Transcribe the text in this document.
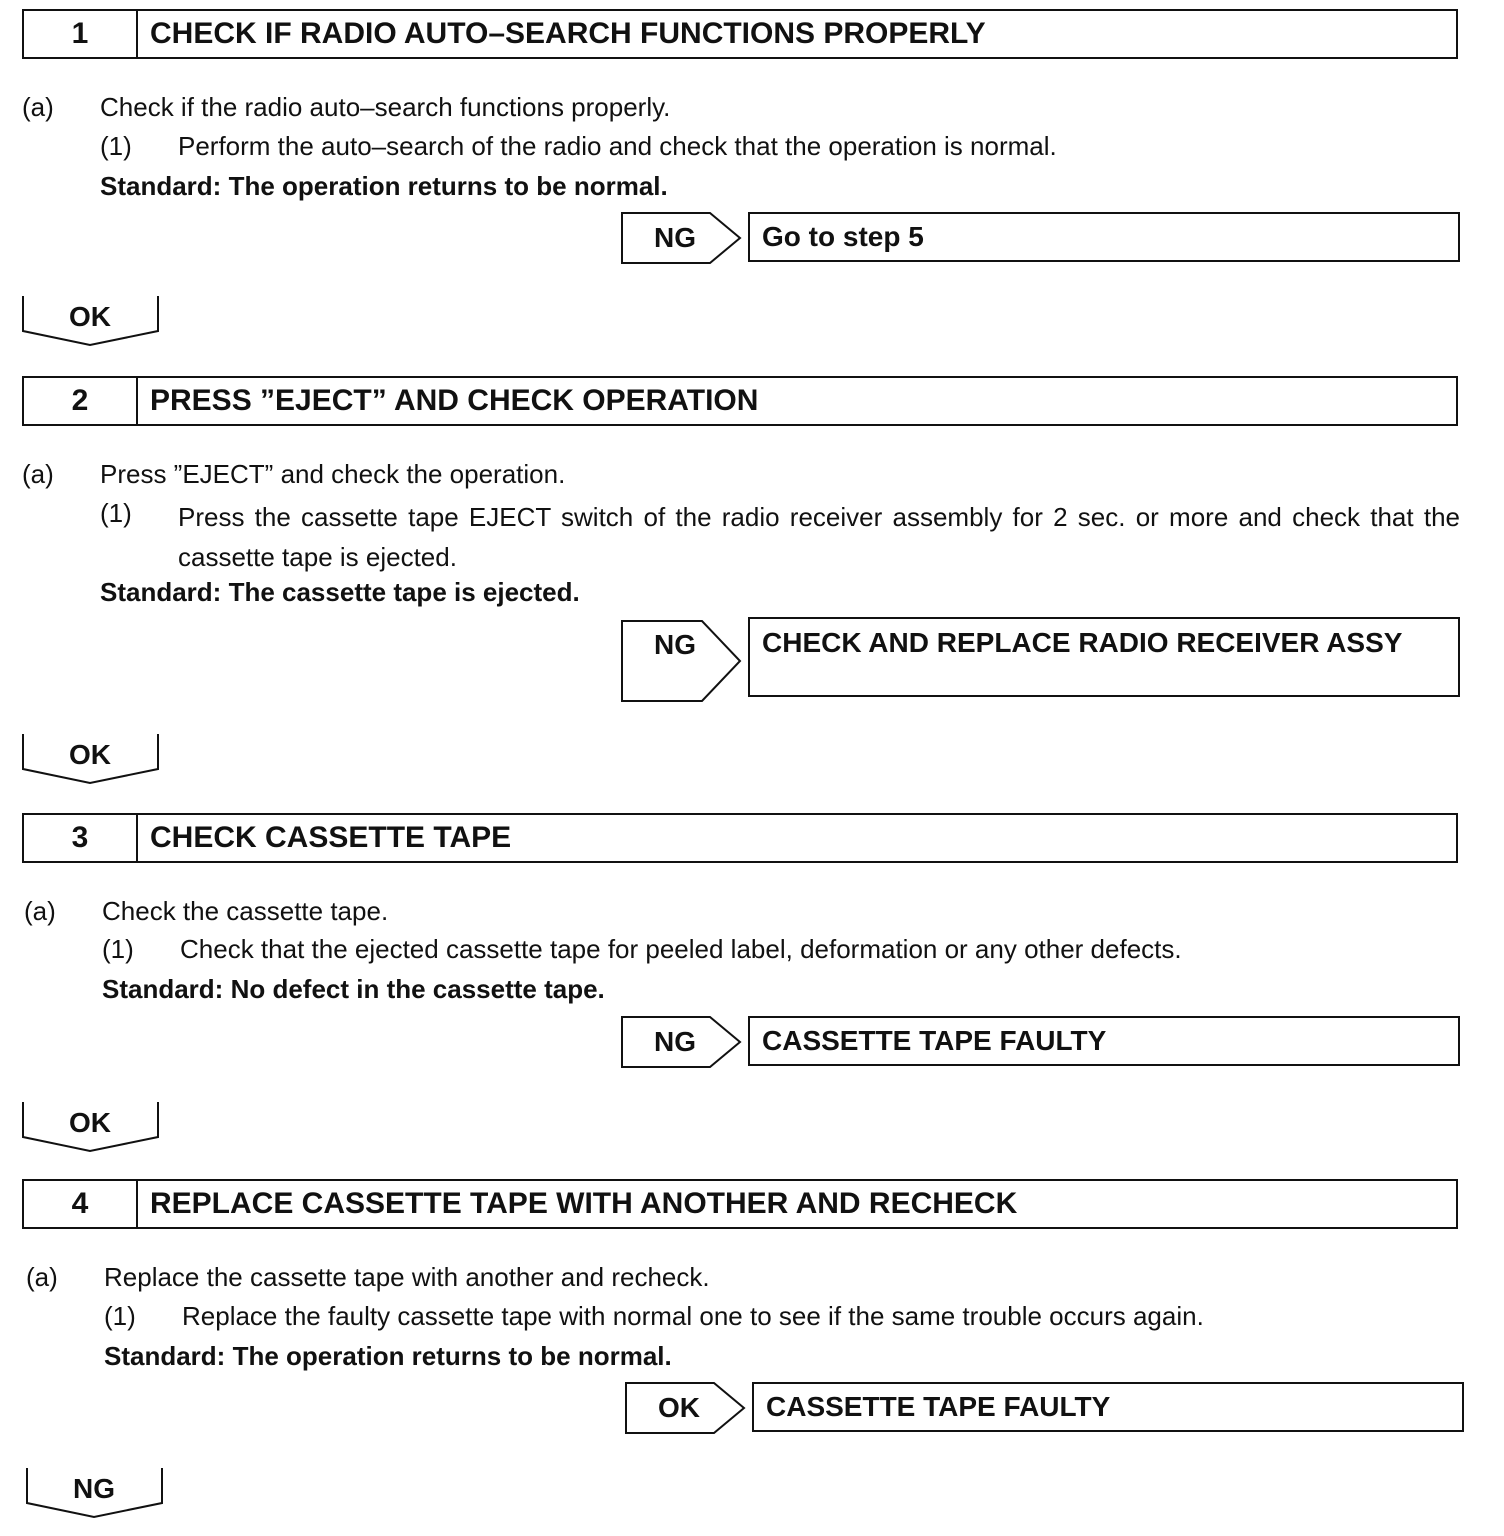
1	CHECK IF RADIO AUTO–SEARCH FUNCTIONS PROPERLY
(a) Check if the radio auto–search functions properly.
(1) Perform the auto–search of the radio and check that the operation is normal.
Standard: The operation returns to be normal.
NG	Go to step 5
OK
2	PRESS ”EJECT” AND CHECK OPERATION
(a) Press ”EJECT” and check the operation.
(1) Press the cassette tape EJECT switch of the radio receiver assembly for 2 sec. or more and check that the cassette tape is ejected.
Standard: The cassette tape is ejected.
NG	CHECK AND REPLACE RADIO RECEIVER ASSY
OK
3	CHECK CASSETTE TAPE
(a) Check the cassette tape.
(1) Check that the ejected cassette tape for peeled label, deformation or any other defects.
Standard: No defect in the cassette tape.
NG	CASSETTE TAPE FAULTY
OK
4	REPLACE CASSETTE TAPE WITH ANOTHER AND RECHECK
(a) Replace the cassette tape with another and recheck.
(1) Replace the faulty cassette tape with normal one to see if the same trouble occurs again.
Standard: The operation returns to be normal.
OK	CASSETTE TAPE FAULTY
NG
